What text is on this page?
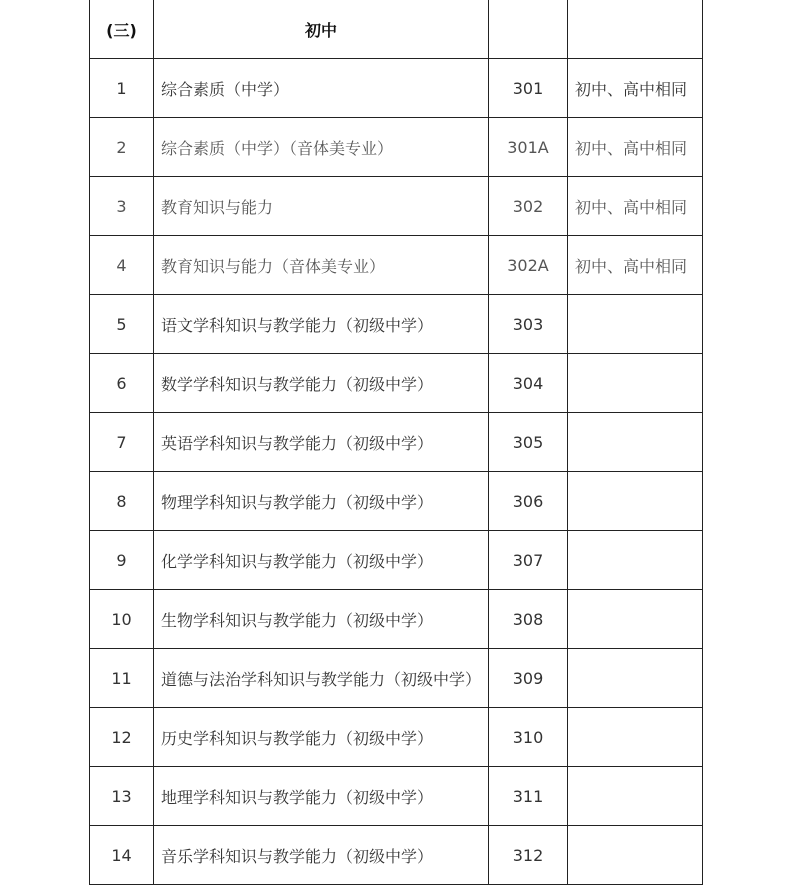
(三)	初中		
1	综合素质（中学）	301	初中、高中相同
2	综合素质（中学）（音体美专业）	301A	初中、高中相同
3	教育知识与能力	302	初中、高中相同
4	教育知识与能力（音体美专业）	302A	初中、高中相同
5	语文学科知识与教学能力（初级中学）	303	
6	数学学科知识与教学能力（初级中学）	304	
7	英语学科知识与教学能力（初级中学）	305	
8	物理学科知识与教学能力（初级中学）	306	
9	化学学科知识与教学能力（初级中学）	307	
10	生物学科知识与教学能力（初级中学）	308	
11	道德与法治学科知识与教学能力（初级中学）	309	
12	历史学科知识与教学能力（初级中学）	310	
13	地理学科知识与教学能力（初级中学）	311	
14	音乐学科知识与教学能力（初级中学）	312	
